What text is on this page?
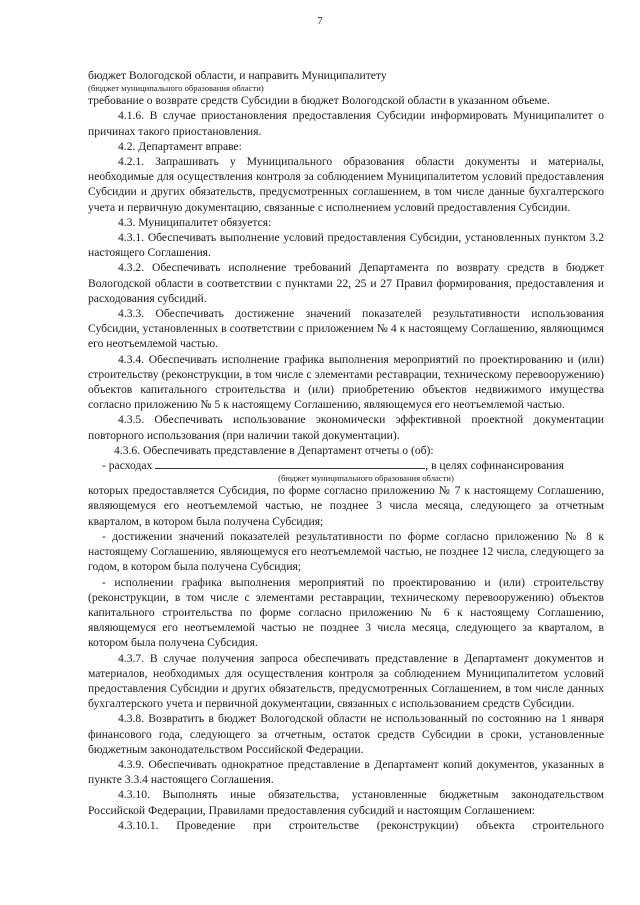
7

бюджет Вологодской области, и направить Муниципалитету

(бюджет муниципального образования области)

требование о возврате средств Субсидии в бюджет Вологодской области в указанном объеме.

4.1.6. В случае приостановления предоставления Субсидии информировать Муниципалитет о причинах такого приостановления.

4.2. Департамент вправе:

4.2.1. Запрашивать у Муниципального образования области документы и материалы, необходимые для осуществления контроля за соблюдением Муниципалитетом условий предоставления Субсидии и других обязательств, предусмотренных соглашением, в том числе данные бухгалтерского учета и первичную документацию, связанные с исполнением условий предоставления Субсидии.

4.3. Муниципалитет обязуется:

4.3.1. Обеспечивать выполнение условий предоставления Субсидии, установленных пунктом 3.2 настоящего Соглашения.

4.3.2. Обеспечивать исполнение требований Департамента по возврату средств в бюджет Вологодской области в соответствии с пунктами 22, 25 и 27 Правил формирования, предоставления и расходования субсидий.

4.3.3. Обеспечивать достижение значений показателей результативности использования Субсидии, установленных в соответствии с приложением № 4 к настоящему Соглашению, являющимся его неотъемлемой частью.

4.3.4. Обеспечивать исполнение графика выполнения мероприятий по проектированию и (или) строительству (реконструкции, в том числе с элементами реставрации, техническому перевооружению) объектов капитального строительства и (или) приобретению объектов недвижимого имущества согласно приложению № 5 к настоящему Соглашению, являющемуся его неотъемлемой частью.

4.3.5. Обеспечивать использование экономически эффективной проектной документации повторного использования (при наличии такой документации).

4.3.6. Обеспечивать представление в Департамент отчеты о (об):

- расходах	, в целях софинансирования

(бюджет муниципального образования области)

которых предоставляется Субсидия, по форме согласно приложению № 7 к настоящему Соглашению, являющемуся его неотъемлемой частью, не позднее 3 числа месяца, следующего за отчетным кварталом, в котором была получена Субсидия;

- достижении значений показателей результативности по форме согласно приложению № 8 к настоящему Соглашению, являющемуся его неотъемлемой частью, не позднее 12 числа, следующего за годом, в котором была получена Субсидия;

- исполнении графика выполнения мероприятий по проектированию и (или) строительству (реконструкции, в том числе с элементами реставрации, техническому перевооружению) объектов капитального строительства по форме согласно приложению № 6 к настоящему Соглашению, являющемуся его неотъемлемой частью не позднее 3 числа месяца, следующего за кварталом, в котором была получена Субсидия.

4.3.7. В случае получения запроса обеспечивать представление в Департамент документов и материалов, необходимых для осуществления контроля за соблюдением Муниципалитетом условий предоставления Субсидии и других обязательств, предусмотренных Соглашением, в том числе данных бухгалтерского учета и первичной документации, связанных с использованием средств Субсидии.

4.3.8. Возвратить в бюджет Вологодской области не использованный по состоянию на 1 января финансового года, следующего за отчетным, остаток средств Субсидии в сроки, установленные бюджетным законодательством Российской Федерации.

4.3.9. Обеспечивать однократное представление в Департамент копий документов, указанных в пункте 3.3.4 настоящего Соглашения.

4.3.10. Выполнять иные обязательства, установленные бюджетным законодательством Российской Федерации, Правилами предоставления субсидий и настоящим Соглашением:

4.3.10.1. Проведение при строительстве (реконструкции) объекта строительного
